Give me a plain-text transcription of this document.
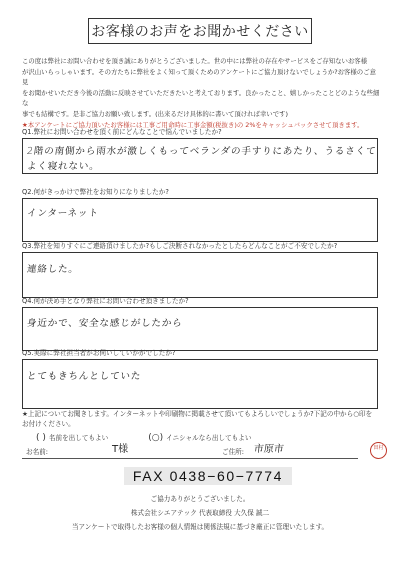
お客様のお声をお聞かせください

この度は弊社にお問い合わせを頂き誠にありがとうございました。世の中には弊社の存在やサービスをご存知ないお客様

が沢山いらっしゃいます。その方たちに弊社をよく知って頂くためのアンケートにご協力頂けないでしょうか?お客様のご意見

をお聞かせいただき今後の活動に反映させていただきたいと考えております。良かったこと、嬉しかったことどのような些細な

事でも結構です。是非ご協力お願い致します。(出来るだけ具体的に書いて頂ければ幸いです)

★本アンケートにご協力頂いたお客様には工事ご用命時に工事金額(税抜き)の 2%をキャッシュバックさせて頂きます。

Q1.弊社にお問い合わせを頂く前にどんなことで悩んでいましたか?
2階の南側から雨水が激しくもってベランダの手すりにあたり、うるさくて
よく寝れない。
Q2.何がきっかけで弊社をお知りになりましたか?
インターネット
Q3.弊社を知りすぐにご連絡頂けましたか?もしご決断されなかったとしたらどんなことがご不安でしたか?
連絡した。
Q4.何が決め手となり弊社にお問い合わせ頂きましたか?
身近かで、安全な感じがしたから
Q5.実際に弊社担当者がお伺いしていかがでしたか?
とてもきちんとしていた
★上記についてお聞きします。インターネットや印刷物に掲載させて頂いてもよろしいでしょうか?下記の中から○印を
お付けください。
( ) 名前を出してもよい	(○) イニシャルなら出してもよい
お名前:	T様	ご住所: 市原市	田村
FAX 0438−60−7774
ご協力ありがとうございました。
株式会社シエアテック 代表取締役 大久保 誠二
当アンケートで取得したお客様の個人情報は関係法規に基づき厳正に管理いたします。
